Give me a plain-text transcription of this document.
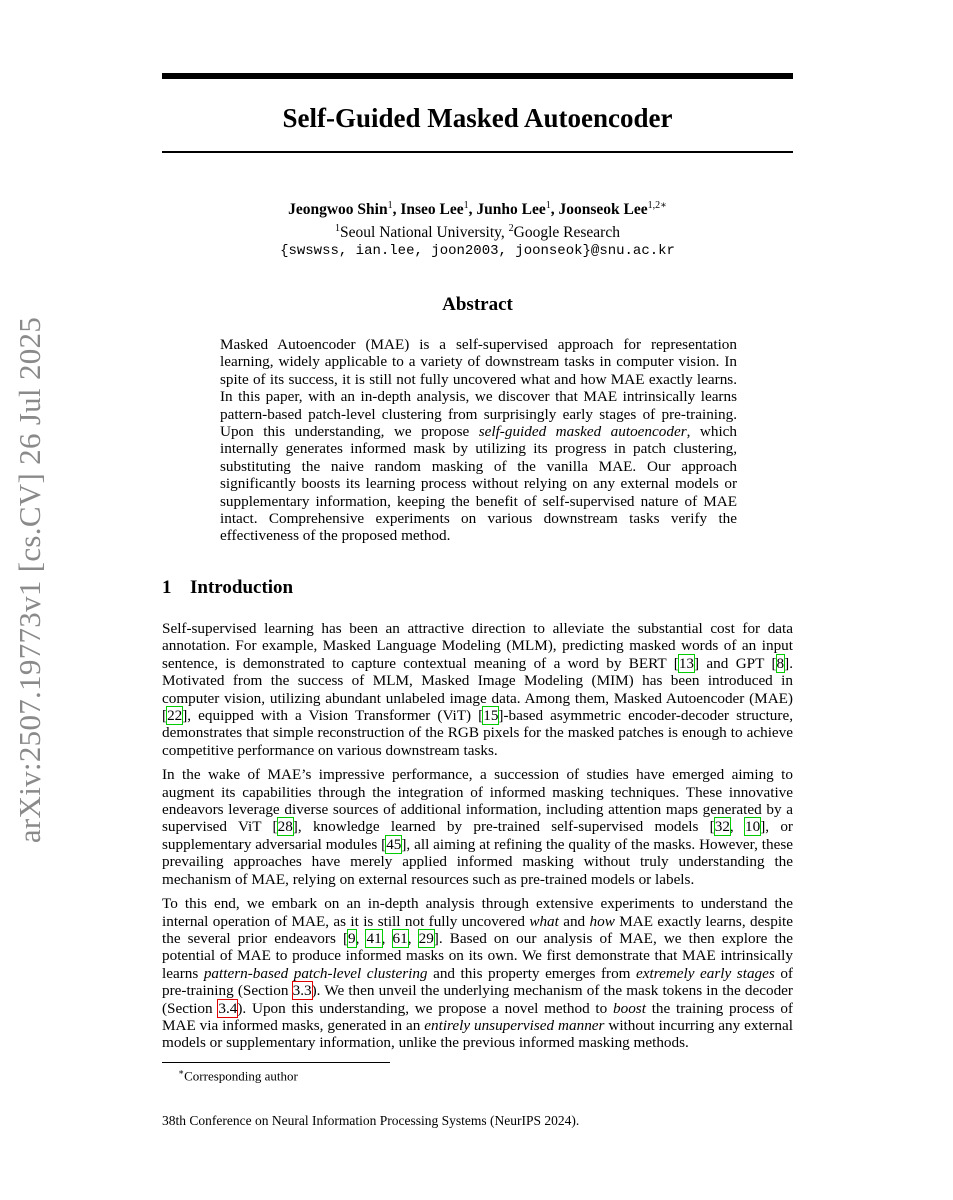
arXiv:2507.19773v1 [cs.CV] 26 Jul 2025
Self-Guided Masked Autoencoder
Jeongwoo Shin$^1$, Inseo Lee$^1$, Junho Lee$^1$, Joonseok Lee$^{1,2∗}$
$^1$Seoul National University, $^2$Google Research
{swswss, ian.lee, joon2003, joonseok}@snu.ac.kr
Abstract
Masked Autoencoder (MAE) is a self-supervised approach for representation learning, widely applicable to a variety of downstream tasks in computer vision. In spite of its success, it is still not fully uncovered what and how MAE exactly learns. In this paper, with an in-depth analysis, we discover that MAE intrinsically learns pattern-based patch-level clustering from surprisingly early stages of pre-training. Upon this understanding, we propose self-guided masked autoencoder, which internally generates informed mask by utilizing its progress in patch clustering, substituting the naive random masking of the vanilla MAE. Our approach significantly boosts its learning process without relying on any external models or supplementary information, keeping the benefit of self-supervised nature of MAE intact. Comprehensive experiments on various downstream tasks verify the effectiveness of the proposed method.
1 Introduction

Self-supervised learning has been an attractive direction to alleviate the substantial cost for data annotation. For example, Masked Language Modeling (MLM), predicting masked words of an input sentence, is demonstrated to capture contextual meaning of a word by BERT [13] and GPT [8]. Motivated from the success of MLM, Masked Image Modeling (MIM) has been introduced in computer vision, utilizing abundant unlabeled image data. Among them, Masked Autoencoder (MAE) [22], equipped with a Vision Transformer (ViT) [15]-based asymmetric encoder-decoder structure, demonstrates that simple reconstruction of the RGB pixels for the masked patches is enough to achieve competitive performance on various downstream tasks.

In the wake of MAE’s impressive performance, a succession of studies have emerged aiming to augment its capabilities through the integration of informed masking techniques. These innovative endeavors leverage diverse sources of additional information, including attention maps generated by a supervised ViT [28], knowledge learned by pre-trained self-supervised models [32, 10], or supplementary adversarial modules [45], all aiming at refining the quality of the masks. However, these prevailing approaches have merely applied informed masking without truly understanding the mechanism of MAE, relying on external resources such as pre-trained models or labels.

To this end, we embark on an in-depth analysis through extensive experiments to understand the internal operation of MAE, as it is still not fully uncovered what and how MAE exactly learns, despite the several prior endeavors [9, 41, 61, 29]. Based on our analysis of MAE, we then explore the potential of MAE to produce informed masks on its own. We first demonstrate that MAE intrinsically learns pattern-based patch-level clustering and this property emerges from extremely early stages of pre-training (Section 3.3). We then unveil the underlying mechanism of the mask tokens in the decoder (Section 3.4). Upon this understanding, we propose a novel method to boost the training process of MAE via informed masks, generated in an entirely unsupervised manner without incurring any external models or supplementary information, unlike the previous informed masking methods.

∗Corresponding author
38th Conference on Neural Information Processing Systems (NeurIPS 2024).
